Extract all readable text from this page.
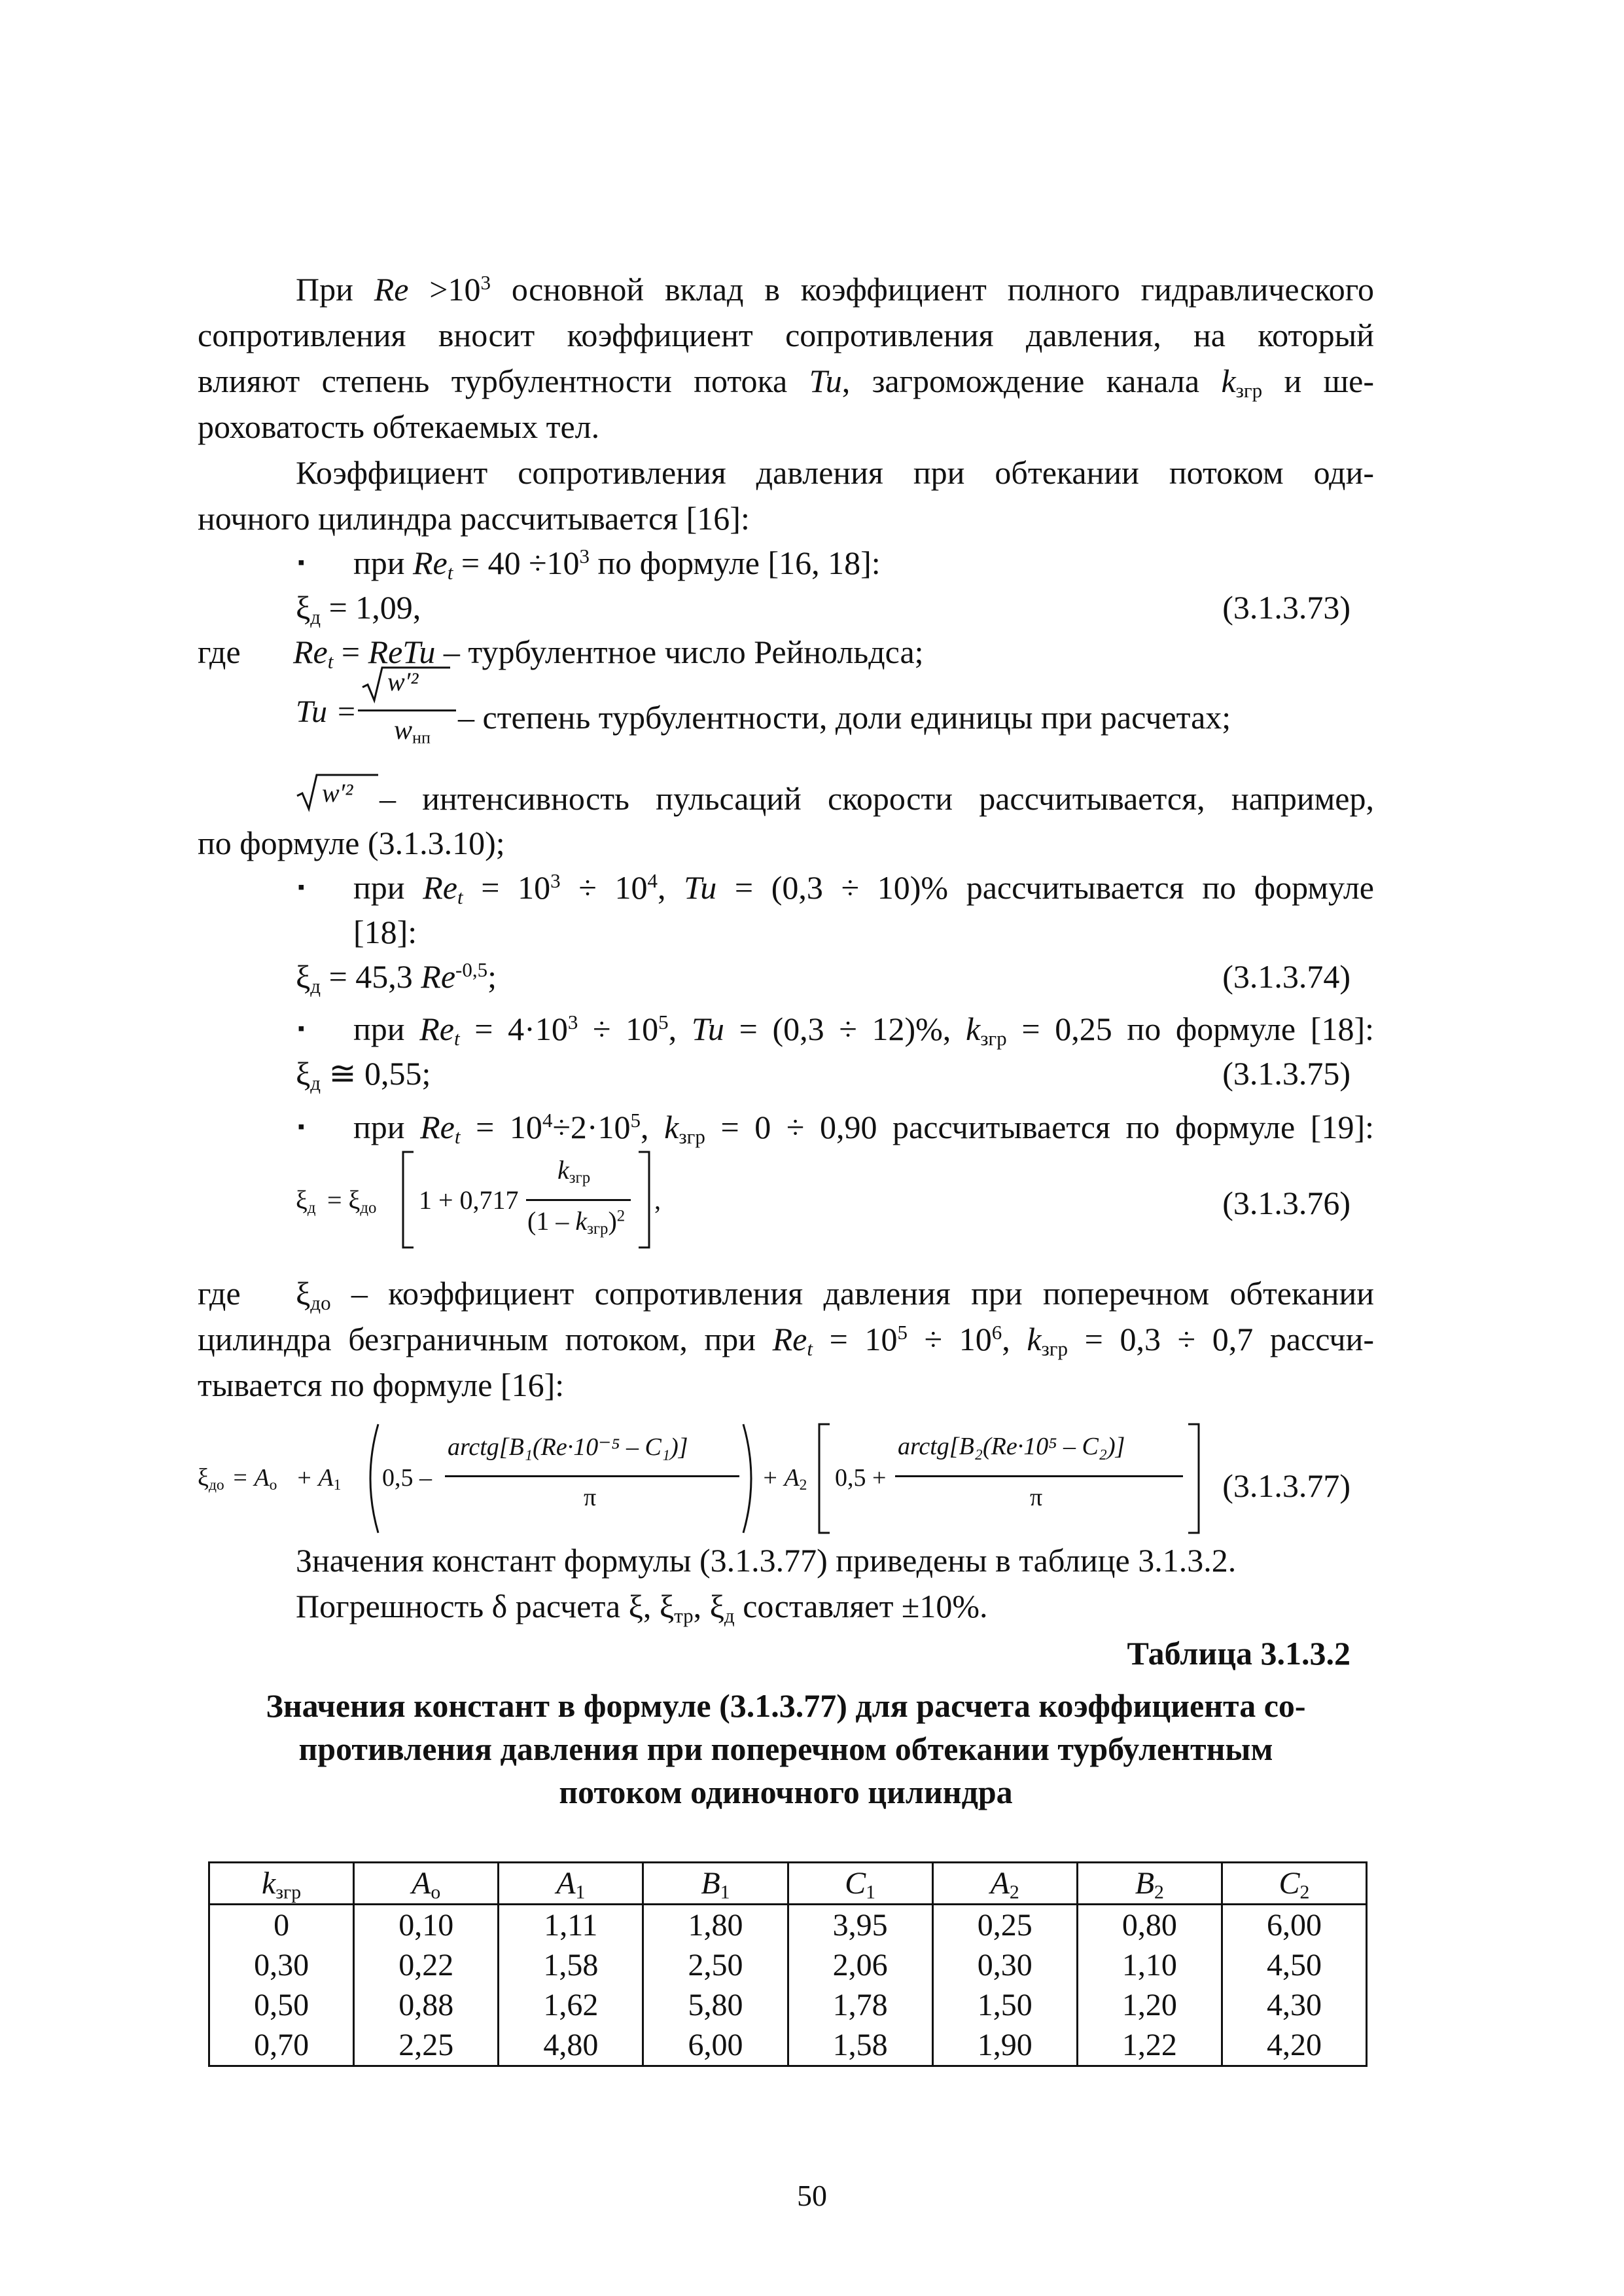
При $Re >10^3$ основной вклад в коэффициент полного гидравлического
сопротивления вносит коэффициент сопротивления давления, на который
влияют степень турбулентности потока Tu, загромождение канала $k_{згр}$ и ше-
роховатость обтекаемых тел.
Коэффициент сопротивления давления при обтекании потоком оди-
ночного цилиндра рассчитывается [16]:
▪ при $Re_t = 40 \div 10^3$ по формуле [16, 18]:
$\xi_д = 1,09$,	(3.1.3.73)
где $Re_t$ = ReTu – турбулентное число Рейнольдса;
Tu =
w′²
$w_{нп}$
– степень турбулентности, доли единицы при расчетах;
w′² – интенсивность пульсаций скорости рассчитывается, например,
по формуле (3.1.3.10);
▪ при $Re_t = 10^3 \div 10^4$, Tu = (0,3 ÷ 10)% рассчитывается по формуле
[18]:
$\xi_д = 45,3$ $Re^{-0,5}$;	(3.1.3.74)
▪ при $Re_t = 4\cdot 10^3 \div 10^5$, Tu = (0,3 ÷ 12)%, $k_{згр} = 0,25$ по формуле [18]:
$\xi_д$ ≅ 0,55;	(3.1.3.75)
▪ при $Re_t = 10^4\div 2\cdot 10^5$, $k_{згр} = 0 \div 0,90$ рассчитывается по формуле [19]:
$\xi_д = \xi_{до}$ 1 + 0,717
$k_{згр}$
$(1 - k_{згр})^2$
,	(3.1.3.76)
где $\xi_{до}$ – коэффициент сопротивления давления при поперечном обтекании
цилиндра безграничным потоком, при $Re_t = 10^5 \div 10^6$, $k_{згр} = 0,3 \div 0,7$ рассчи-
тывается по формуле [16]:
$\xi_{до} = A_о + A_1$ 0,5 –
arctg[B₁(Re·10⁻⁵ – C₁)]
π
+ $A_2$ 0,5 +
arctg[B₂(Re·10⁵ – C₂)]
π	(3.1.3.77)
Значения констант формулы (3.1.3.77) приведены в таблице 3.1.3.2.
Погрешность δ расчета ξ, $\xi_{тр}$, $\xi_д$ составляет ±10%.
Таблица 3.1.3.2
Значения констант в формуле (3.1.3.77) для расчета коэффициента со-
противления давления при поперечном обтекании турбулентным
потоком одиночного цилиндра
$k_{згр}$	$A_о$	$A_1$	$B_1$	$C_1$	$A_2$	$B_2$	$C_2$
0	0,10	1,11	1,80	3,95	0,25	0,80	6,00
0,30	0,22	1,58	2,50	2,06	0,30	1,10	4,50
0,50	0,88	1,62	5,80	1,78	1,50	1,20	4,30
0,70	2,25	4,80	6,00	1,58	1,90	1,22	4,20
50
